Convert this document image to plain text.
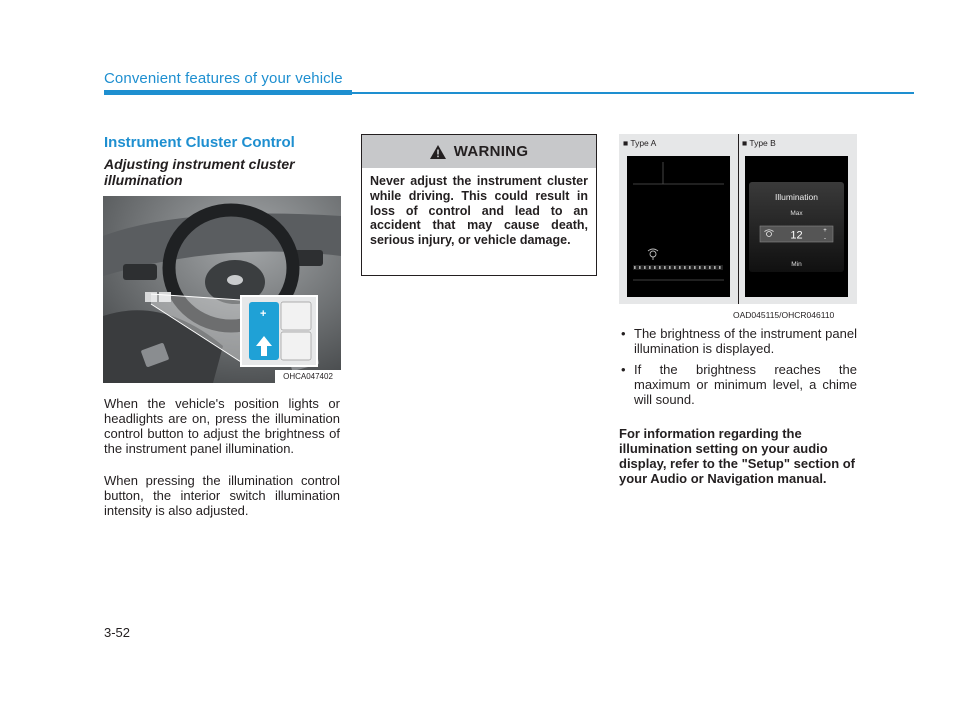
Convenient features of your vehicle
Instrument Cluster Control
Adjusting instrument cluster illumination
+
OHCA047402
When the vehicle's position lights or headlights are on, press the illumination control button to adjust the brightness of the instrument panel illumination.
When pressing the illumination control button, the interior switch illumination intensity is also adjusted.
WARNING
Never adjust the instrument cluster while driving. This could result in loss of control and lead to an accident that may cause death, serious injury, or vehicle damage.
■ Type A	■ Type B
Illumination
Max
12	+
-
Min
OAD045115/OHCR046110
• The brightness of the instrument panel illumination is displayed.
• If the brightness reaches the maximum or minimum level, a chime will sound.
For information regarding the illumination setting on your audio display, refer to the "Setup" section of your Audio or Navigation manual.
3-52
